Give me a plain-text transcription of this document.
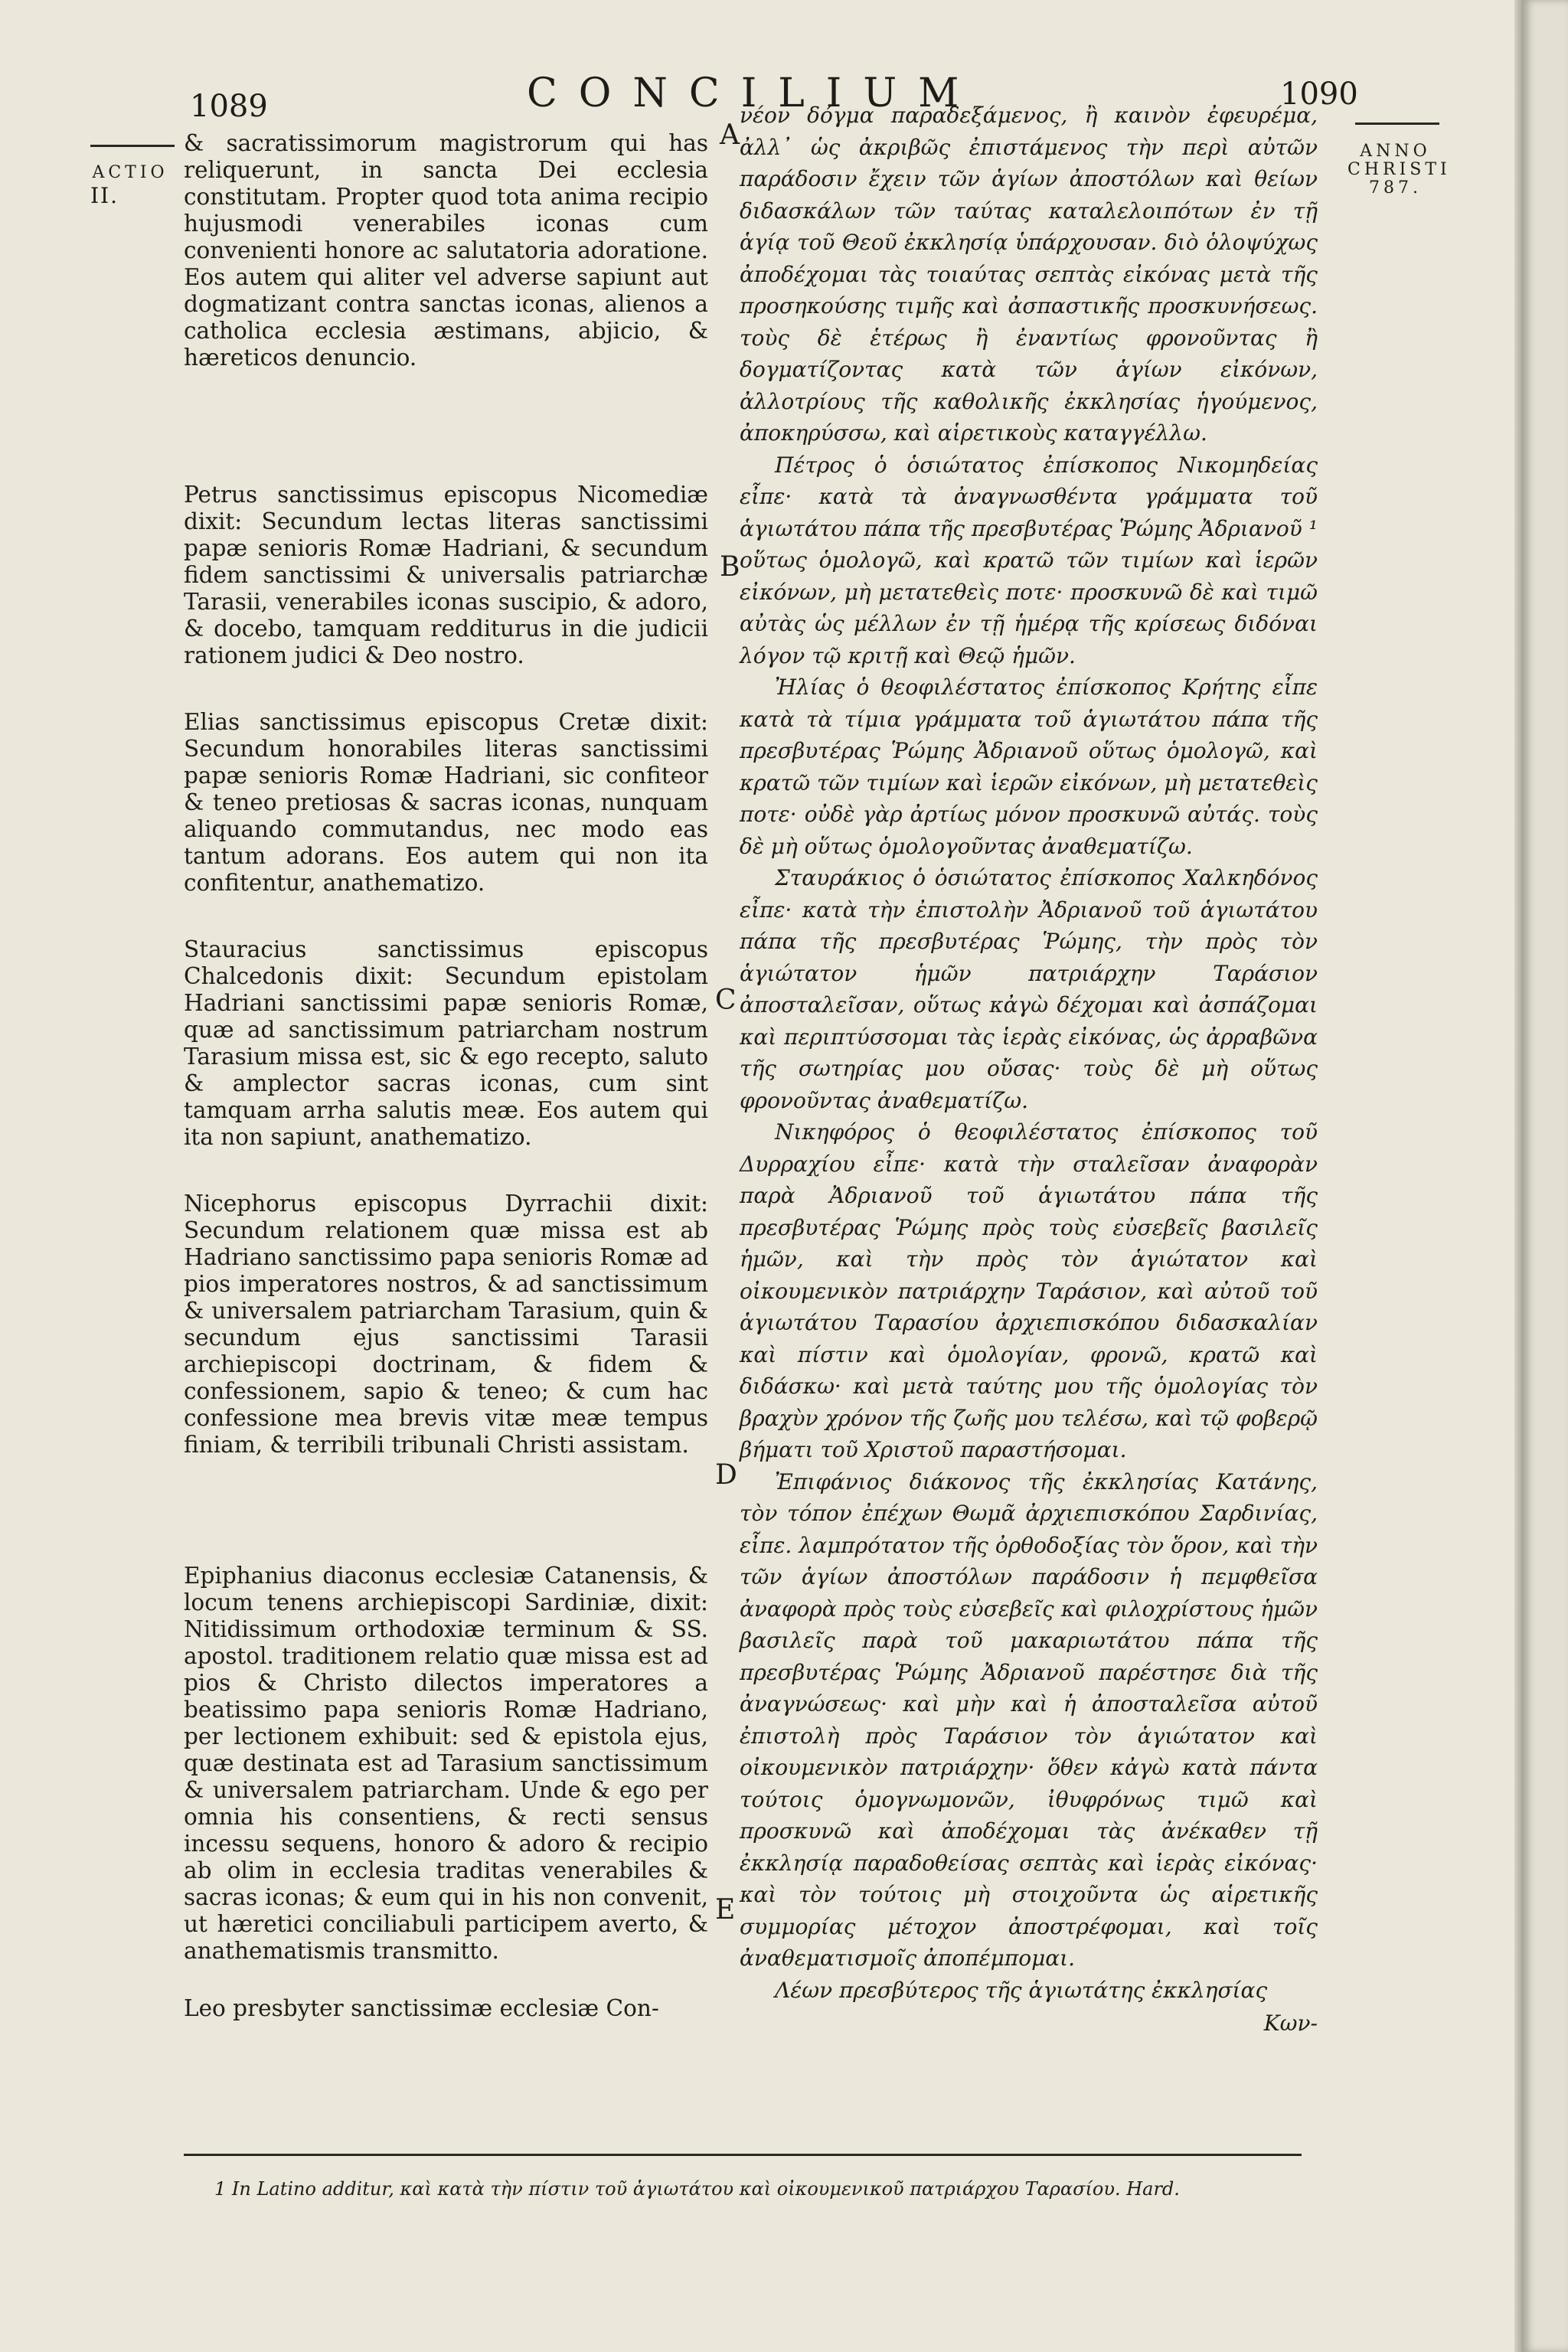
1089	CONCILIUM	1090
ACTIO
II.
ANNO CHRISTI
787.

& sacratissimorum magistrorum qui has reliquerunt, in sancta Dei ecclesia constitutam. Propter quod tota anima recipio hujusmodi venerabiles iconas cum convenienti honore ac salutatoria adoratione. Eos autem qui aliter vel adverse sapiunt aut dogmatizant contra sanctas iconas, alienos a catholica ecclesia æstimans, abjicio, & hæreticos denuncio.

Petrus sanctissimus episcopus Nicomediæ dixit: Secundum lectas literas sanctissimi papæ senioris Romæ Hadriani, & secundum fidem sanctissimi & universalis patriarchæ Tarasii, venerabiles iconas suscipio, & adoro, & docebo, tamquam redditurus in die judicii rationem judici & Deo nostro.

Elias sanctissimus episcopus Cretæ dixit: Secundum honorabiles literas sanctissimi papæ senioris Romæ Hadriani, sic confiteor & teneo pretiosas & sacras iconas, nunquam aliquando commutandus, nec modo eas tantum adorans. Eos autem qui non ita confitentur, anathematizo.

Stauracius sanctissimus episcopus Chalcedonis dixit: Secundum epistolam Hadriani sanctissimi papæ senioris Romæ, quæ ad sanctissimum patriarcham nostrum Tarasium missa est, sic & ego recepto, saluto & amplector sacras iconas, cum sint tamquam arrha salutis meæ. Eos autem qui ita non sapiunt, anathematizo.

Nicephorus episcopus Dyrrachii dixit: Secundum relationem quæ missa est ab Hadriano sanctissimo papa senioris Romæ ad pios imperatores nostros, & ad sanctissimum & universalem patriarcham Tarasium, quin & secundum ejus sanctissimi Tarasii archiepiscopi doctrinam, & fidem & confessionem, sapio & teneo; & cum hac confessione mea brevis vitæ meæ tempus finiam, & terribili tribunali Christi assistam.

Epiphanius diaconus ecclesiæ Catanensis, & locum tenens archiepiscopi Sardiniæ, dixit: Nitidissimum orthodoxiæ terminum & SS. apostol. traditionem relatio quæ missa est ad pios & Christo dilectos imperatores a beatissimo papa senioris Romæ Hadriano, per lectionem exhibuit: sed & epistola ejus, quæ destinata est ad Tarasium sanctissimum & universalem patriarcham. Unde & ego per omnia his consentiens, & recti sensus incessu sequens, honoro & adoro & recipio ab olim in ecclesia traditas venerabiles & sacras iconas; & eum qui in his non convenit, ut hæretici conciliabuli participem averto, & anathematismis transmitto.

Leo presbyter sanctissimæ ecclesiæ Con-

A
B
C
D
E

νέον δόγμα παραδεξάμενος, ἢ καινὸν ἐφευρέμα, ἀλλ᾽ ὡς ἀκριβῶς ἐπιστάμενος τὴν περὶ αὐτῶν παράδοσιν ἔχειν τῶν ἁγίων ἀποστόλων καὶ θείων διδασκάλων τῶν ταύτας καταλελοιπότων ἐν τῇ ἁγίᾳ τοῦ Θεοῦ ἐκκλησίᾳ ὑπάρχουσαν. διὸ ὁλοψύχως ἀποδέχομαι τὰς τοιαύτας σεπτὰς εἰκόνας μετὰ τῆς προσηκούσης τιμῆς καὶ ἀσπαστικῆς προσκυνήσεως. τοὺς δὲ ἑτέρως ἢ ἐναντίως φρονοῦντας ἢ δογματίζοντας κατὰ τῶν ἁγίων εἰκόνων, ἀλλοτρίους τῆς καθολικῆς ἐκκλησίας ἡγούμενος, ἀποκηρύσσω, καὶ αἱρετικοὺς καταγγέλλω.

Πέτρος ὁ ὁσιώτατος ἐπίσκοπος Νικομηδείας εἶπε· κατὰ τὰ ἀναγνωσθέντα γράμματα τοῦ ἁγιωτάτου πάπα τῆς πρεσβυτέρας Ῥώμης Ἀδριανοῦ ¹ οὕτως ὁμολογῶ, καὶ κρατῶ τῶν τιμίων καὶ ἱερῶν εἰκόνων, μὴ μετατεθεὶς ποτε· προσκυνῶ δὲ καὶ τιμῶ αὐτὰς ὡς μέλλων ἐν τῇ ἡμέρᾳ τῆς κρίσεως διδόναι λόγον τῷ κριτῇ καὶ Θεῷ ἡμῶν.

Ἠλίας ὁ θεοφιλέστατος ἐπίσκοπος Κρήτης εἶπε κατὰ τὰ τίμια γράμματα τοῦ ἁγιωτάτου πάπα τῆς πρεσβυτέρας Ῥώμης Ἀδριανοῦ οὕτως ὁμολογῶ, καὶ κρατῶ τῶν τιμίων καὶ ἱερῶν εἰκόνων, μὴ μετατεθεὶς ποτε· οὐδὲ γὰρ ἀρτίως μόνον προσκυνῶ αὐτάς. τοὺς δὲ μὴ οὕτως ὁμολογοῦντας ἀναθεματίζω.

Σταυράκιος ὁ ὁσιώτατος ἐπίσκοπος Χαλκηδόνος εἶπε· κατὰ τὴν ἐπιστολὴν Ἀδριανοῦ τοῦ ἁγιωτάτου πάπα τῆς πρεσβυτέρας Ῥώμης, τὴν πρὸς τὸν ἁγιώτατον ἡμῶν πατριάρχην Ταράσιον ἀποσταλεῖσαν, οὕτως κἀγὼ δέχομαι καὶ ἀσπάζομαι καὶ περιπτύσσομαι τὰς ἱερὰς εἰκόνας, ὡς ἀρραβῶνα τῆς σωτηρίας μου οὔσας· τοὺς δὲ μὴ οὕτως φρονοῦντας ἀναθεματίζω.

Νικηφόρος ὁ θεοφιλέστατος ἐπίσκοπος τοῦ Δυρραχίου εἶπε· κατὰ τὴν σταλεῖσαν ἀναφορὰν παρὰ Ἀδριανοῦ τοῦ ἁγιωτάτου πάπα τῆς πρεσβυτέρας Ῥώμης πρὸς τοὺς εὐσεβεῖς βασιλεῖς ἡμῶν, καὶ τὴν πρὸς τὸν ἁγιώτατον καὶ οἰκουμενικὸν πατριάρχην Ταράσιον, καὶ αὐτοῦ τοῦ ἁγιωτάτου Ταρασίου ἀρχιεπισκόπου διδασκαλίαν καὶ πίστιν καὶ ὁμολογίαν, φρονῶ, κρατῶ καὶ διδάσκω· καὶ μετὰ ταύτης μου τῆς ὁμολογίας τὸν βραχὺν χρόνον τῆς ζωῆς μου τελέσω, καὶ τῷ φοβερῷ βήματι τοῦ Χριστοῦ παραστήσομαι.

Ἐπιφάνιος διάκονος τῆς ἐκκλησίας Κατάνης, τὸν τόπον ἐπέχων Θωμᾶ ἀρχιεπισκόπου Σαρδινίας, εἶπε. λαμπρότατον τῆς ὀρθοδοξίας τὸν ὅρον, καὶ τὴν τῶν ἁγίων ἀποστόλων παράδοσιν ἡ πεμφθεῖσα ἀναφορὰ πρὸς τοὺς εὐσεβεῖς καὶ φιλοχρίστους ἡμῶν βασιλεῖς παρὰ τοῦ μακαριωτάτου πάπα τῆς πρεσβυτέρας Ῥώμης Ἀδριανοῦ παρέστησε διὰ τῆς ἀναγνώσεως· καὶ μὴν καὶ ἡ ἀποσταλεῖσα αὐτοῦ ἐπιστολὴ πρὸς Ταράσιον τὸν ἁγιώτατον καὶ οἰκουμενικὸν πατριάρχην· ὅθεν κἀγὼ κατὰ πάντα τούτοις ὁμογνωμονῶν, ἰθυφρόνως τιμῶ καὶ προσκυνῶ καὶ ἀποδέχομαι τὰς ἀνέκαθεν τῇ ἐκκλησίᾳ παραδοθείσας σεπτὰς καὶ ἱερὰς εἰκόνας· καὶ τὸν τούτοις μὴ στοιχοῦντα ὡς αἱρετικῆς συμμορίας μέτοχον ἀποστρέφομαι, καὶ τοῖς ἀναθεματισμοῖς ἀποπέμπομαι.

Λέων πρεσβύτερος τῆς ἁγιωτάτης ἐκκλησίας

Κων-

1 In Latino additur, καὶ κατὰ τὴν πίστιν τοῦ ἁγιωτάτου καὶ οἰκουμενικοῦ πατριάρχου Ταρασίου. Hard.
